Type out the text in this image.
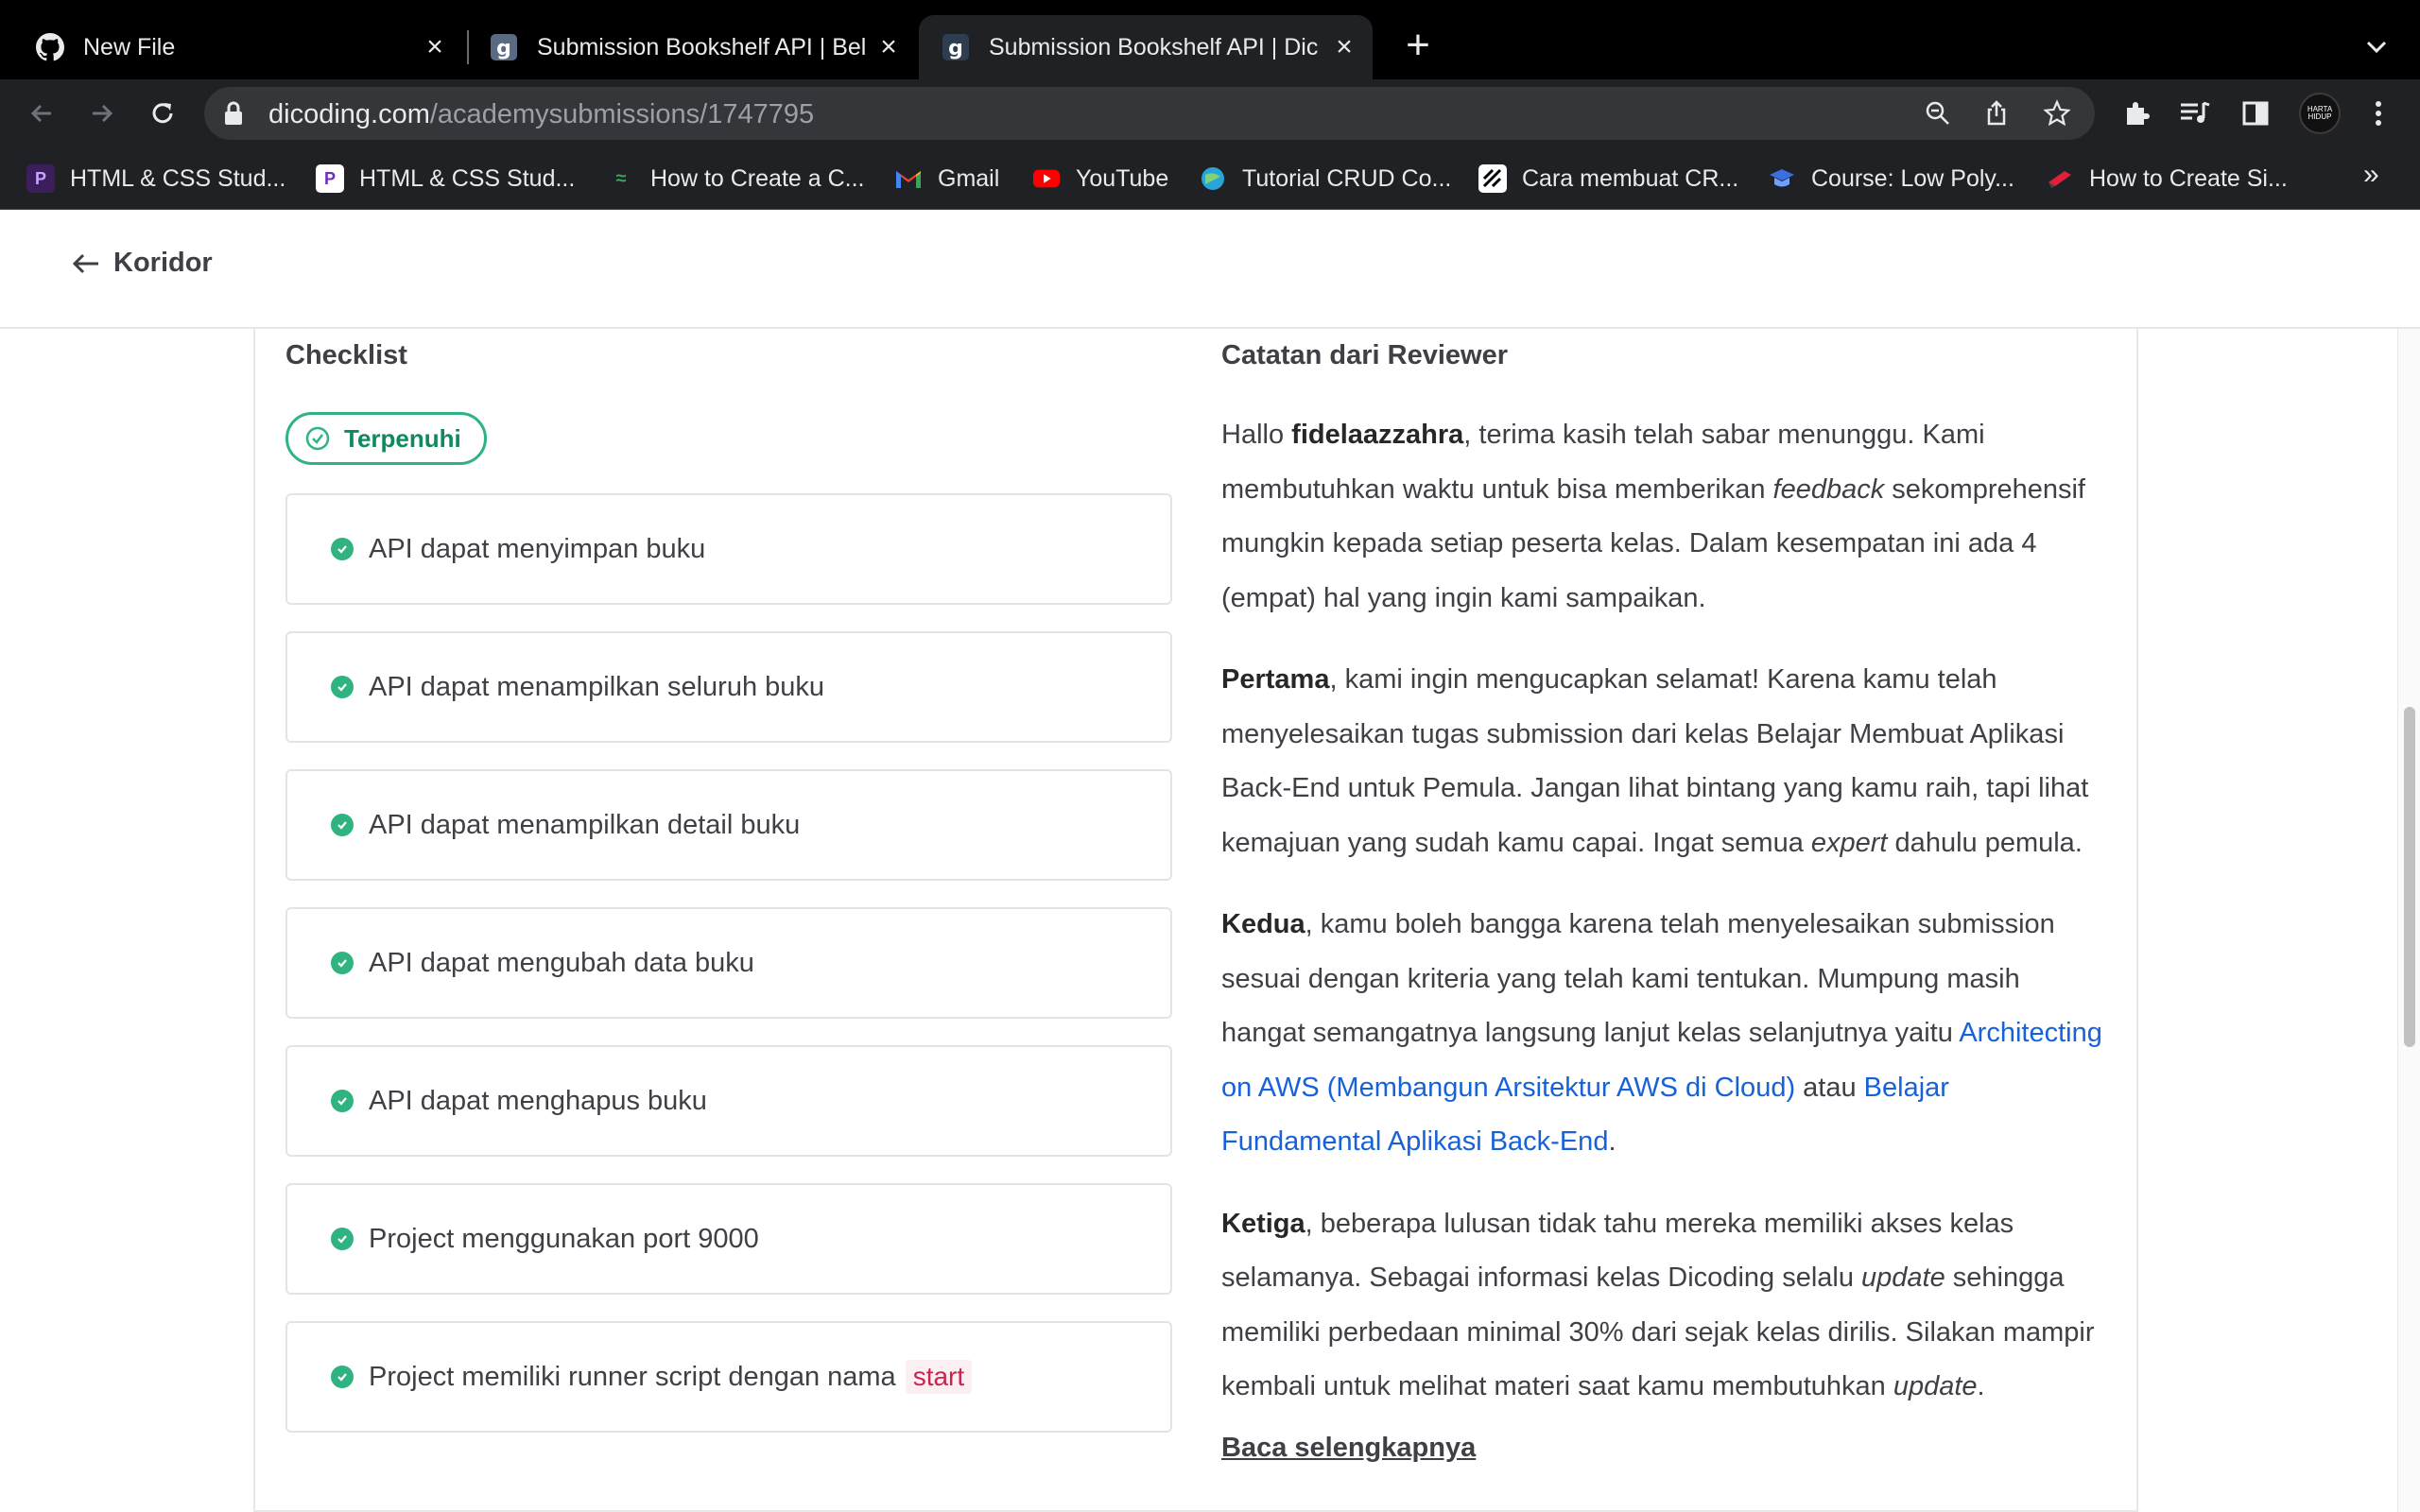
New File	×	g Submission Bookshelf API | Bel ×	g Submission Bookshelf API | Dic × +
dicoding.com/academysubmissions/1747795	HARTA HIDUP
P	HTML & CSS Stud...	P	HTML & CSS Stud...	≈	How to Create a C...	Gmail	YouTube	Tutorial CRUD Co...	Cara membuat CR...	Course: Low Poly...	How to Create Si...	»
Koridor
Checklist
Terpenuhi
API dapat menyimpan buku
API dapat menampilkan seluruh buku
API dapat menampilkan detail buku
API dapat mengubah data buku
API dapat menghapus buku
Project menggunakan port 9000
Project memiliki runner script dengan nama start
Catatan dari Reviewer

Hallo fidelaazzahra, terima kasih telah sabar menunggu. Kami membutuhkan waktu untuk bisa memberikan feedback sekomprehensif mungkin kepada setiap peserta kelas. Dalam kesempatan ini ada 4 (empat) hal yang ingin kami sampaikan.

Pertama, kami ingin mengucapkan selamat! Karena kamu telah menyelesaikan tugas submission dari kelas Belajar Membuat Aplikasi Back-End untuk Pemula. Jangan lihat bintang yang kamu raih, tapi lihat kemajuan yang sudah kamu capai. Ingat semua expert dahulu pemula.

Kedua, kamu boleh bangga karena telah menyelesaikan submission sesuai dengan kriteria yang telah kami tentukan. Mumpung masih hangat semangatnya langsung lanjut kelas selanjutnya yaitu Architecting on AWS (Membangun Arsitektur AWS di Cloud) atau Belajar Fundamental Aplikasi Back-End.

Ketiga, beberapa lulusan tidak tahu mereka memiliki akses kelas selamanya. Sebagai informasi kelas Dicoding selalu update sehingga memiliki perbedaan minimal 30% dari sejak kelas dirilis. Silakan mampir kembali untuk melihat materi saat kamu membutuhkan update.

Baca selengkapnya
